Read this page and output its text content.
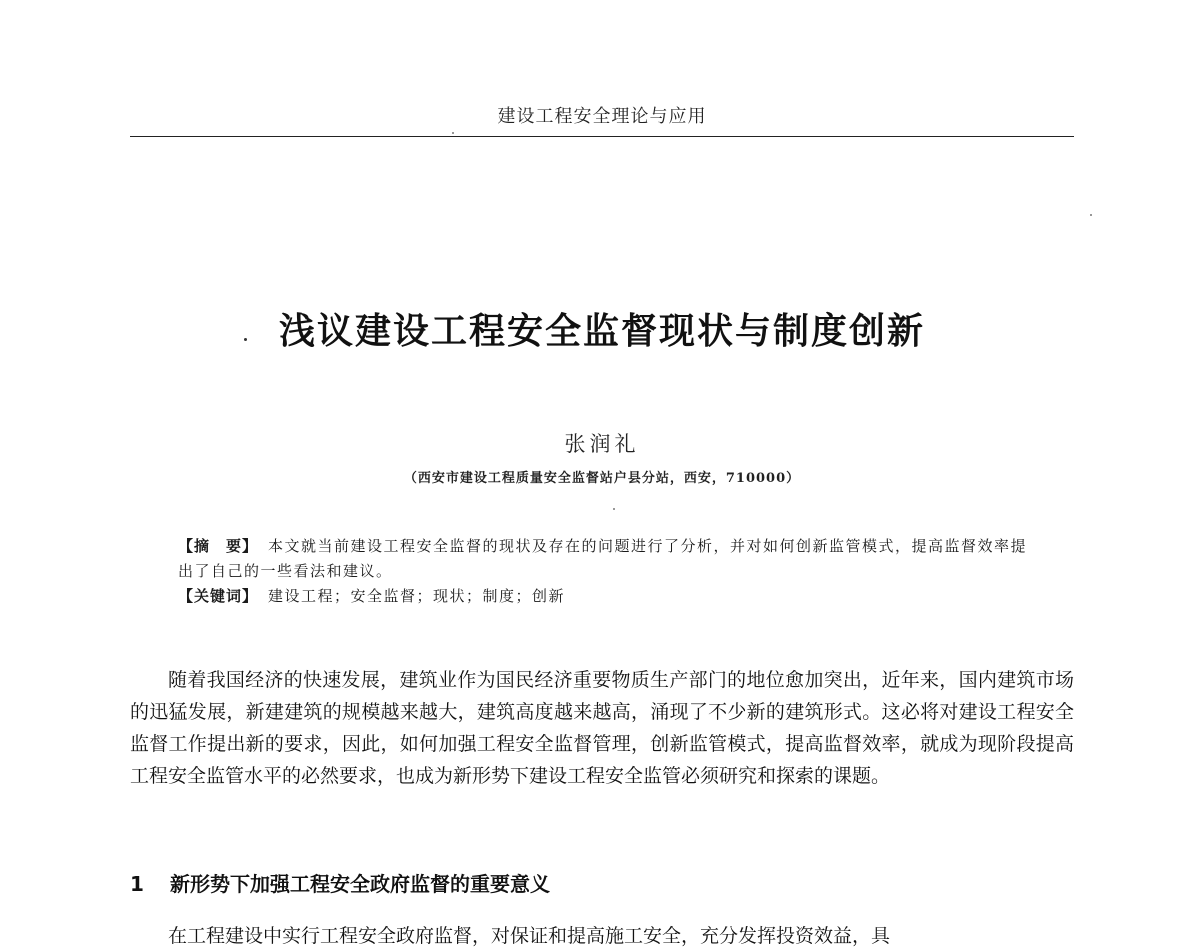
建设工程安全理论与应用
浅议建设工程安全监督现状与制度创新
张润礼
（西安市建设工程质量安全监督站户县分站，西安，710000）

【摘　要】 本文就当前建设工程安全监督的现状及存在的问题进行了分析，并对如何创新监管模式，提高监督效率提出了自己的一些看法和建议。

【关键词】 建设工程；安全监督；现状；制度；创新

随着我国经济的快速发展，建筑业作为国民经济重要物质生产部门的地位愈加突出，近年来，国内建筑市场的迅猛发展，新建建筑的规模越来越大，建筑高度越来越高，涌现了不少新的建筑形式。这必将对建设工程安全监督工作提出新的要求，因此，如何加强工程安全监督管理，创新监管模式，提高监督效率，就成为现阶段提高工程安全监管水平的必然要求，也成为新形势下建设工程安全监管必须研究和探索的课题。

1 新形势下加强工程安全政府监督的重要意义
在工程建设中实行工程安全政府监督，对保证和提高施工安全，充分发挥投资效益，具
